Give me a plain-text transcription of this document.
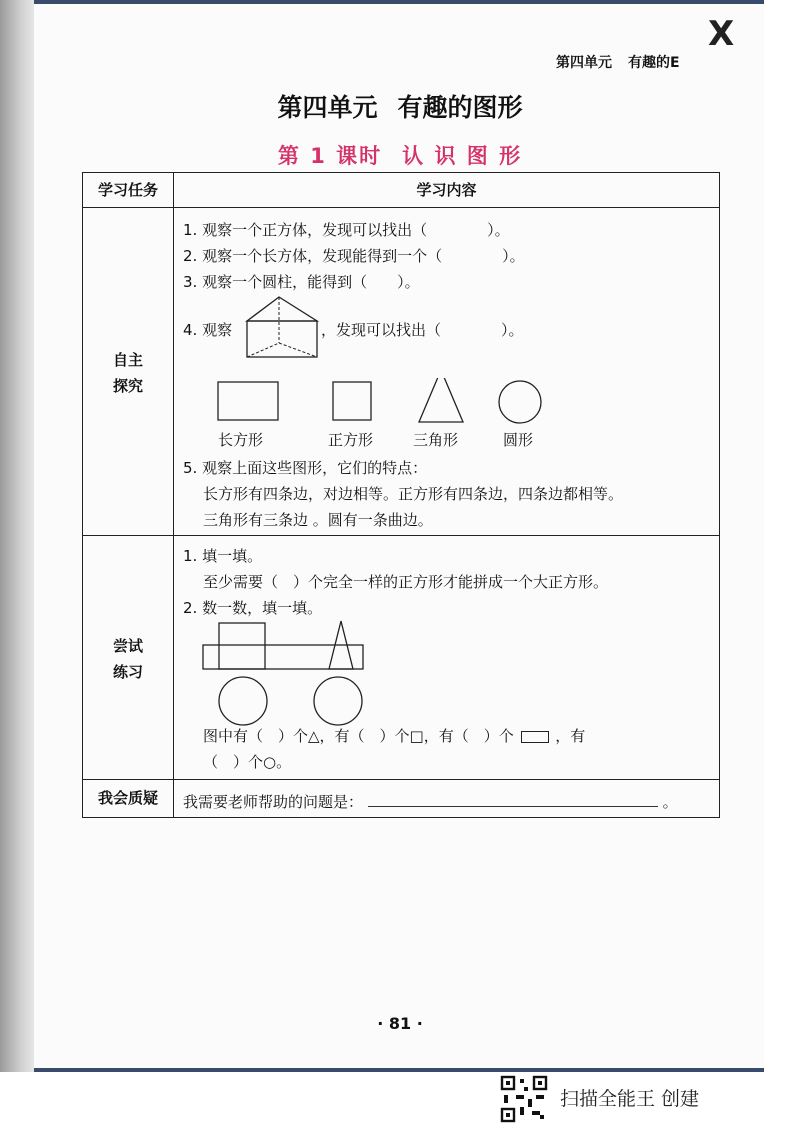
X
第四单元 有趣的E
第四单元 有趣的图形
第 1 课时 认 识 图 形
学习任务	学习内容
自主
探究
1. 观察一个正方体，发现可以找出（　　　　）。
2. 观察一个长方体，发现能得到一个（　　　　）。
3. 观察一个圆柱，能得到（　　）。
4. 观察	，发现可以找出（　　　　）。
长方形	正方形	三角形	圆形
5. 观察上面这些图形，它们的特点：
长方形有四条边，对边相等。正方形有四条边，四条边都相等。
三角形有三条边 。圆有一条曲边。
尝试
练习
1. 填一填。
至少需要（　）个完全一样的正方形才能拼成一个大正方形。
2. 数一数，填一填。
图中有（　）个△，有（　）个□，有（　）个	，有
（　）个○。
我会质疑	我需要老师帮助的问题是：	。
· 81 ·
扫描全能王 创建
